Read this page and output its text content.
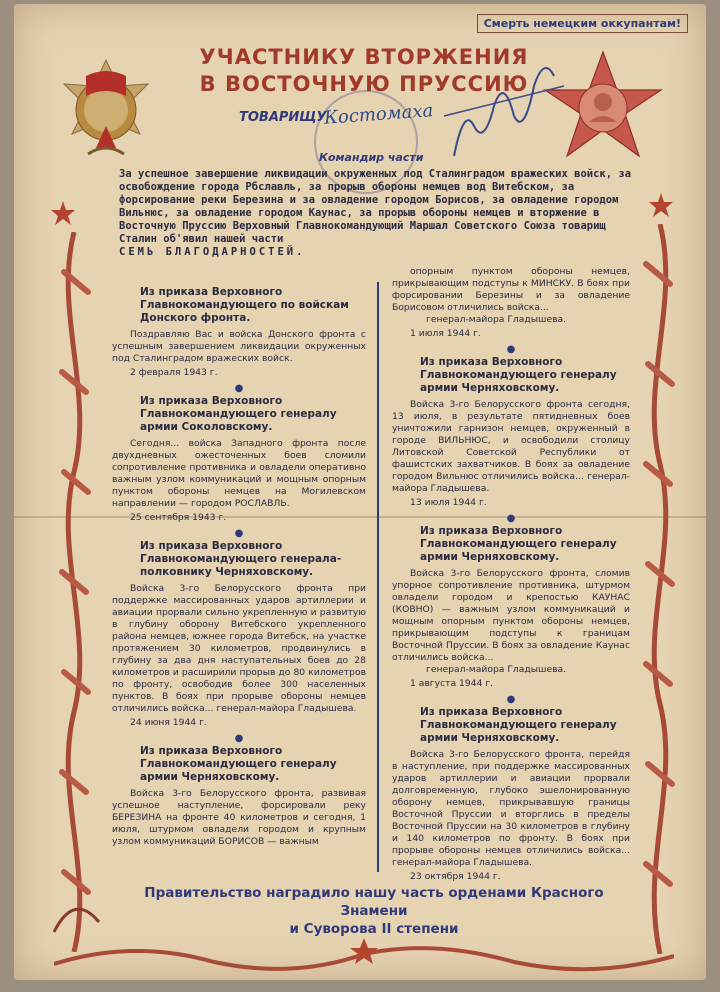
Смерть немецким оккупантам!
УЧАСТНИКУ ВТОРЖЕНИЯ
В ВОСТОЧНУЮ ПРУССИЮ
ТОВАРИЩУ
Коcтомаха
Командир части
За успешное завершение ликвидации окруженных под Сталинградом вражеских войск, за освобождение города Рбславль, за прорыв обороны немцев вод Витебском, за форсирование реки Березина и за овладение городом Борисов, за овладение городом Вильнюс, за овладение городом Каунас, за прорыв обороны немцев и вторжение в Восточную Пруссию Верховный Главнокомандующий Маршал Советского Союза товарищ Сталин об'явил нашей части
СЕМЬ БЛАГОДАРНОСТЕЙ.
Из приказа Верховного Главнокомандующего по войскам Донского фронта.
Поздравляю Вас и войска Донского фронта с успешным завершением ликвидации окруженных под Сталинградом вражеских войск.
2 февраля 1943 г.
●
Из приказа Верховного Главнокомандующего генералу армии Соколовскому.
Сегодня... войска Западного фронта после двухдневных ожесточенных боев сломили сопротивление противника и овладели оперативно важным узлом коммуникаций и мощным опорным пунктом обороны немцев на Могилевском направлении — городом РОСЛАВЛЬ.
25 сентября 1943 г.
●
Из приказа Верховного Главнокомандующего генерала-полковнику Черняховскому.
Войска 3-го Белорусского фронта при поддержке массированных ударов артиллерии и авиации прорвали сильно укрепленную и развитую в глубину оборону Витебского укрепленного района немцев, южнее города Витебск, на участке протяжением 30 километров, продвинулись в глубину за два дня наступательных боев до 28 километров и расширили прорыв до 80 километров по фронту, освободив более 300 населенных пунктов. В боях при прорыве обороны немцев отличились войска... генерал-майора Гладышева.
24 июня 1944 г.
●
Из приказа Верховного Главнокомандующего генералу армии Черняховскому.
Войска 3-го Белорусского фронта, развивая успешное наступление, форсировали реку БЕРЕЗИНА на фронте 40 километров и сегодня, 1 июля, штурмом овладели городом и крупным узлом коммуникаций БОРИСОВ — важным
опорным пунктом обороны немцев, прикрывающим подступы к МИНСКУ. В боях при форсировании Березины и за овладение Борисовом отличились войска...
генерал-майора Гладышева.
1 июля 1944 г.
●
Из приказа Верховного Главнокомандующего генералу армии Черняховскому.
Войска 3-го Белорусского фронта сегодня, 13 июля, в результате пятидневных боев уничтожили гарнизон немцев, окруженный в городе ВИЛЬНЮС, и освободили столицу Литовской Советской Республики от фашистских захватчиков. В боях за овладение городом Вильнюс отличились войска... генерал-майора Гладышева.
13 июля 1944 г.
●
Из приказа Верховного Главнокомандующего генералу армии Черняховскому.
Войска 3-го Белорусского фронта, сломив упорное сопротивление противника, штурмом овладели городом и крепостью КАУНАС (КОВНО) — важным узлом коммуникаций и мощным опорным пунктом обороны немцев, прикрывающим подступы к границам Восточной Пруссии. В боях за овладение Каунас отличились войска...
генерал-майора Гладышева.
1 августа 1944 г.
●
Из приказа Верховного Главнокомандующего генералу армии Черняховскому.
Войска 3-го Белорусского фронта, перейдя в наступление, при поддержке массированных ударов артиллерии и авиации прорвали долговременную, глубоко эшелонированную оборону немцев, прикрывавшую границы Восточной Пруссии и вторглись в пределы Восточной Пруссии на 30 километров в глубину и 140 километров по фронту. В боях при прорыве обороны немцев отличились войска... генерал-майора Гладышева.
23 октября 1944 г.
Правительство наградило нашу часть орденами Красного Знамени
и Суворова II степени
